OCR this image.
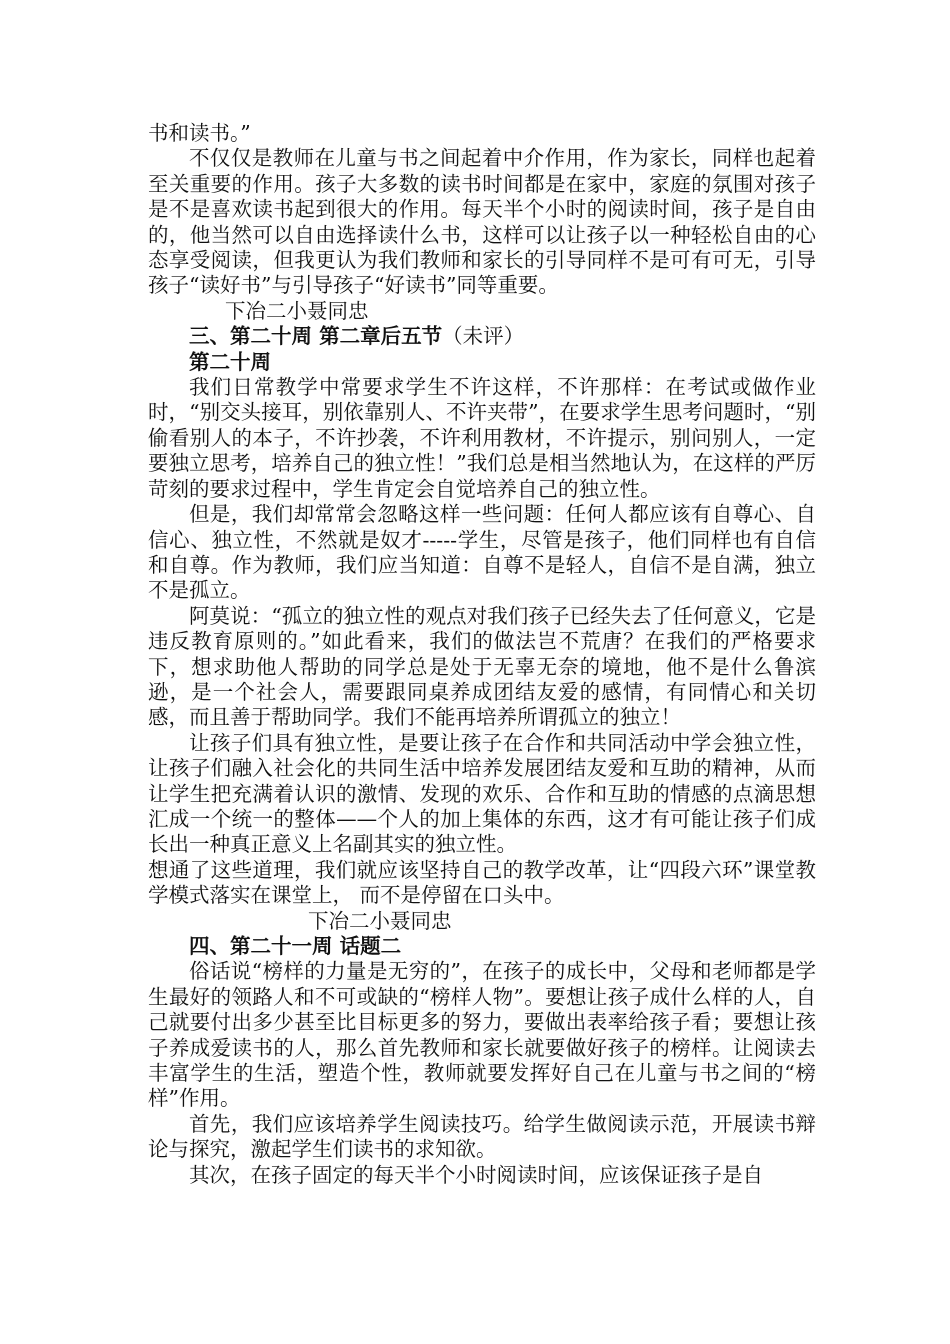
书和读书。”

不仅仅是教师在儿童与书之间起着中介作用，作为家长，同样也起着至关重要的作用。孩子大多数的读书时间都是在家中，家庭的氛围对孩子是不是喜欢读书起到很大的作用。每天半个小时的阅读时间，孩子是自由的，他当然可以自由选择读什么书，这样可以让孩子以一种轻松自由的心态享受阅读，但我更认为我们教师和家长的引导同样不是可有可无，引导孩子“读好书”与引导孩子“好读书”同等重要。

下冶二小聂同忠

三、第二十周 第二章后五节（未评）

第二十周

我们日常教学中常要求学生不许这样，不许那样：在考试或做作业时，“别交头接耳，别依靠别人、不许夹带”，在要求学生思考问题时，“别偷看别人的本子，不许抄袭，不许利用教材，不许提示，别问别人，一定要独立思考，培养自己的独立性！”我们总是相当然地认为，在这样的严厉苛刻的要求过程中，学生肯定会自觉培养自己的独立性。

但是，我们却常常会忽略这样一些问题：任何人都应该有自尊心、自信心、独立性，不然就是奴才-----学生，尽管是孩子，他们同样也有自信和自尊。作为教师，我们应当知道：自尊不是轻人，自信不是自满，独立不是孤立。

阿莫说：“孤立的独立性的观点对我们孩子已经失去了任何意义，它是违反教育原则的。”如此看来，我们的做法岂不荒唐？在我们的严格要求下，想求助他人帮助的同学总是处于无辜无奈的境地，他不是什么鲁滨逊，是一个社会人，需要跟同桌养成团结友爱的感情，有同情心和关切感，而且善于帮助同学。我们不能再培养所谓孤立的独立！

让孩子们具有独立性，是要让孩子在合作和共同活动中学会独立性，让孩子们融入社会化的共同生活中培养发展团结友爱和互助的精神，从而让学生把充满着认识的激情、发现的欢乐、合作和互助的情感的点滴思想汇成一个统一的整体——个人的加上集体的东西，这才有可能让孩子们成长出一种真正意义上名副其实的独立性。

想通了这些道理，我们就应该坚持自己的教学改革，让“四段六环”课堂教学模式落实在课堂上， 而不是停留在口头中。

下冶二小聂同忠

四、第二十一周 话题二

俗话说“榜样的力量是无穷的”，在孩子的成长中，父母和老师都是学生最好的领路人和不可或缺的“榜样人物”。要想让孩子成什么样的人，自己就要付出多少甚至比目标更多的努力，要做出表率给孩子看；要想让孩子养成爱读书的人，那么首先教师和家长就要做好孩子的榜样。让阅读去丰富学生的生活，塑造个性，教师就要发挥好自己在儿童与书之间的“榜样”作用。

首先，我们应该培养学生阅读技巧。给学生做阅读示范，开展读书辩论与探究，激起学生们读书的求知欲。

其次，在孩子固定的每天半个小时阅读时间，应该保证孩子是自
